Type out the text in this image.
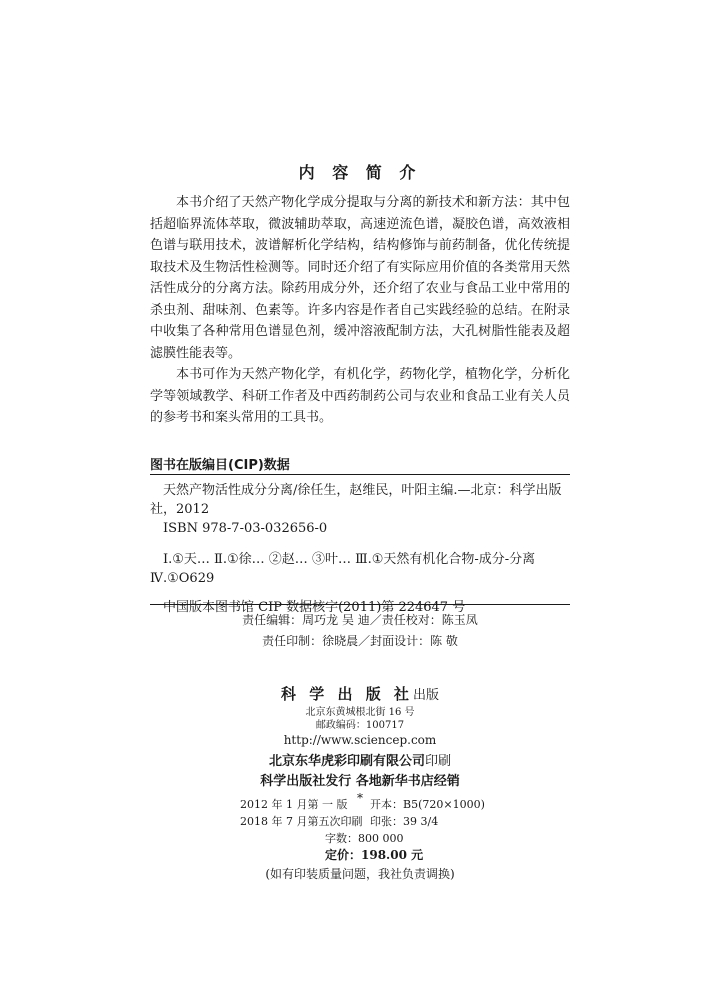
内 容 简 介

本书介绍了天然产物化学成分提取与分离的新技术和新方法：其中包括超临界流体萃取，微波辅助萃取，高速逆流色谱，凝胶色谱，高效液相色谱与联用技术，波谱解析化学结构，结构修饰与前药制备，优化传统提取技术及生物活性检测等。同时还介绍了有实际应用价值的各类常用天然活性成分的分离方法。除药用成分外，还介绍了农业与食品工业中常用的杀虫剂、甜味剂、色素等。许多内容是作者自己实践经验的总结。在附录中收集了各种常用色谱显色剂，缓冲溶液配制方法，大孔树脂性能表及超滤膜性能表等。

本书可作为天然产物化学，有机化学，药物化学，植物化学，分析化学等领域教学、科研工作者及中西药制药公司与农业和食品工业有关人员的参考书和案头常用的工具书。

图书在版编目(CIP)数据
天然产物活性成分分离/徐任生，赵维民，叶阳主编.—北京：科学出版社，2012
ISBN 978-7-03-032656-0
Ⅰ.①天… Ⅱ.①徐… ②赵… ③叶… Ⅲ.①天然有机化合物-成分-分离 Ⅳ.①O629
中国版本图书馆 CIP 数据核字(2011)第 224647 号
责任编辑：周巧龙 吴 迪／责任校对：陈玉凤
责任印制：徐晓晨／封面设计：陈 敬
科 学 出 版 社出版
北京东黄城根北街 16 号
邮政编码：100717
http://www.sciencep.com
北京东华虎彩印刷有限公司印刷
科学出版社发行 各地新华书店经销
*
2012 年 1 月第 一 版 开本：B5(720×1000)
2018 年 7 月第五次印刷 印张：39 3/4
字数：800 000
定价：198.00 元
(如有印装质量问题，我社负责调换)
